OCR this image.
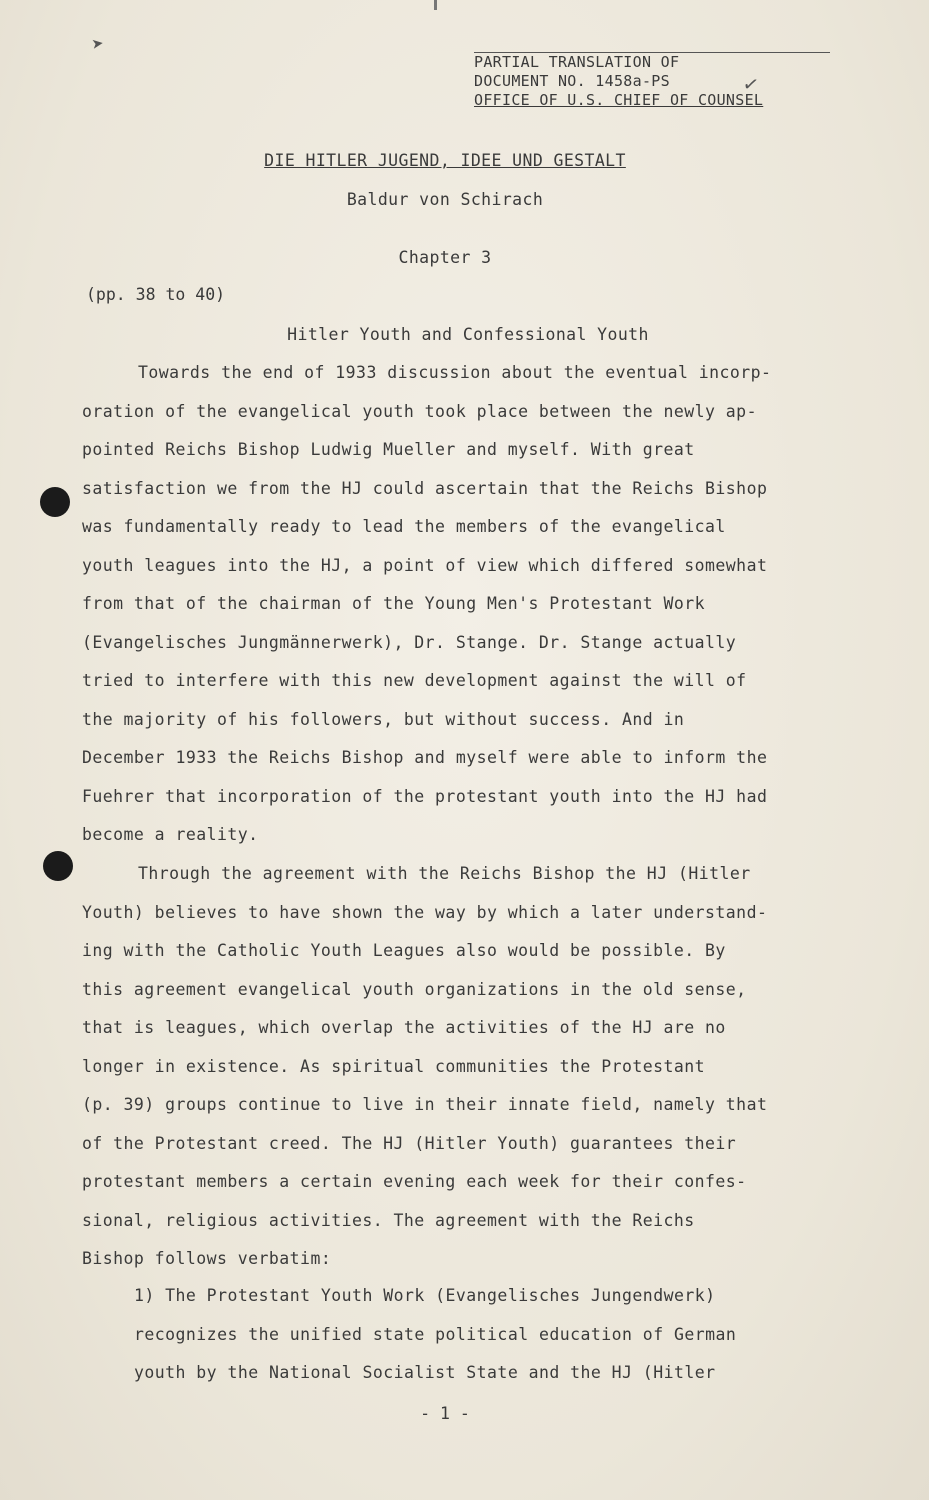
➤
PARTIAL TRANSLATION OF
DOCUMENT NO. 1458a-PS
OFFICE OF U.S. CHIEF OF COUNSEL
✓
DIE HITLER JUGEND, IDEE UND GESTALT
Baldur von Schirach
Chapter 3
(pp. 38 to 40)
Hitler Youth and Confessional Youth
Towards the end of 1933 discussion about the eventual incorp-
oration of the evangelical youth took place between the newly ap-
pointed Reichs Bishop Ludwig Mueller and myself. With great
satisfaction we from the HJ could ascertain that the Reichs Bishop
was fundamentally ready to lead the members of the evangelical
youth leagues into the HJ, a point of view which differed somewhat
from that of the chairman of the Young Men's Protestant Work
(Evangelisches Jungmännerwerk), Dr. Stange. Dr. Stange actually
tried to interfere with this new development against the will of
the majority of his followers, but without success. And in
December 1933 the Reichs Bishop and myself were able to inform the
Fuehrer that incorporation of the protestant youth into the HJ had
become a reality.
Through the agreement with the Reichs Bishop the HJ (Hitler
Youth) believes to have shown the way by which a later understand-
ing with the Catholic Youth Leagues also would be possible. By
this agreement evangelical youth organizations in the old sense,
that is leagues, which overlap the activities of the HJ are no
longer in existence. As spiritual communities the Protestant
(p. 39) groups continue to live in their innate field, namely that
of the Protestant creed. The HJ (Hitler Youth) guarantees their
protestant members a certain evening each week for their confes-
sional, religious activities. The agreement with the Reichs
Bishop follows verbatim:
1) The Protestant Youth Work (Evangelisches Jungendwerk)
recognizes the unified state political education of German
youth by the National Socialist State and the HJ (Hitler
- 1 -
